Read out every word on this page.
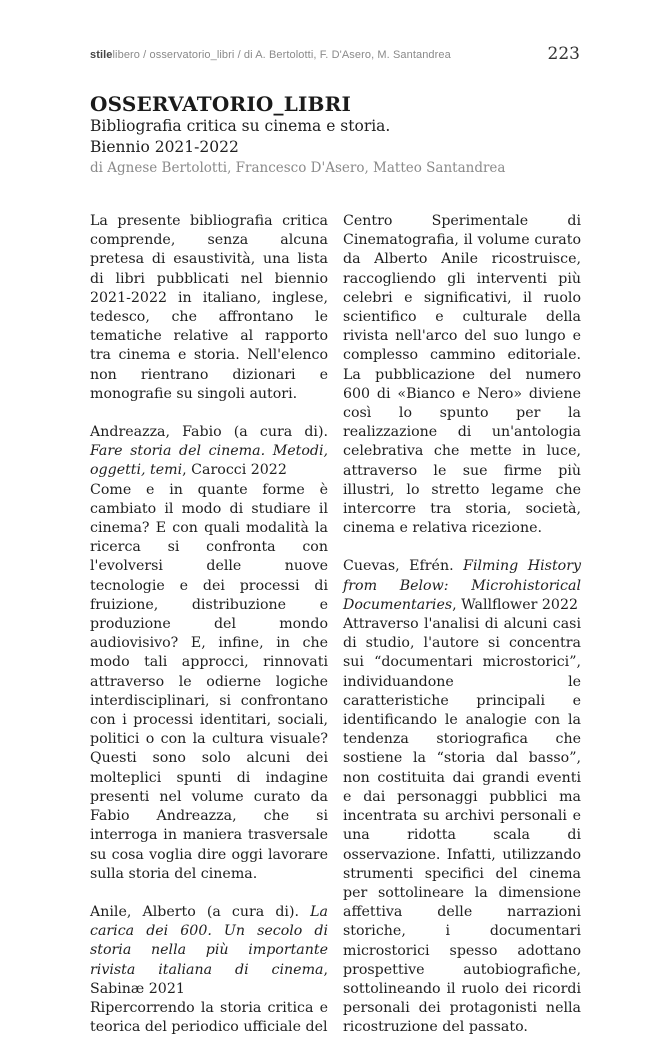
stilelibero / osservatorio_libri / di A. Bertolotti, F. D'Asero, M. Santandrea	223
OSSERVATORIO_LIBRI
Bibliografia critica su cinema e storia.
Biennio 2021-2022
di Agnese Bertolotti, Francesco D'Asero, Matteo Santandrea

La presente bibliografia critica comprende, senza alcuna pretesa di esaustività, una lista di libri pubblicati nel biennio 2021-2022 in italiano, inglese, tedesco, che affrontano le tematiche relative al rapporto tra cinema e storia. Nell'elenco non rientrano dizionari e monografie su singoli autori.

Andreazza, Fabio (a cura di). Fare storia del cinema. Metodi, oggetti, temi, Carocci 2022

Come e in quante forme è cambiato il modo di studiare il cinema? E con quali modalità la ricerca si confronta con l'evolversi delle nuove tecnologie e dei processi di fruizione, distribuzione e produzione del mondo audiovisivo? E, infine, in che modo tali approcci, rinnovati attraverso le odierne logiche interdisciplinari, si confrontano con i processi identitari, sociali, politici o con la cultura visuale? Questi sono solo alcuni dei molteplici spunti di indagine presenti nel volume curato da Fabio Andreazza, che si interroga in maniera trasversale su cosa voglia dire oggi lavorare sulla storia del cinema.

Anile, Alberto (a cura di). La carica dei 600. Un secolo di storia nella più importante rivista italiana di cinema, Sabinæ 2021

Ripercorrendo la storia critica e teorica del periodico ufficiale del

Centro Sperimentale di Cinematografia, il volume curato da Alberto Anile ricostruisce, raccogliendo gli interventi più celebri e significativi, il ruolo scientifico e culturale della rivista nell'arco del suo lungo e complesso cammino editoriale. La pubblicazione del numero 600 di «Bianco e Nero» diviene così lo spunto per la realizzazione di un'antologia celebrativa che mette in luce, attraverso le sue firme più illustri, lo stretto legame che intercorre tra storia, società, cinema e relativa ricezione.

Cuevas, Efrén. Filming History from Below: Microhistorical Documentaries, Wallflower 2022

Attraverso l'analisi di alcuni casi di studio, l'autore si concentra sui “documentari microstorici”, individuandone le caratteristiche principali e identificando le analogie con la tendenza storiografica che sostiene la “storia dal basso”, non costituita dai grandi eventi e dai personaggi pubblici ma incentrata su archivi personali e una ridotta scala di osservazione. Infatti, utilizzando strumenti specifici del cinema per sottolineare la dimensione affettiva delle narrazioni storiche, i documentari microstorici spesso adottano prospettive autobiografiche, sottolineando il ruolo dei ricordi personali dei protagonisti nella ricostruzione del passato.
